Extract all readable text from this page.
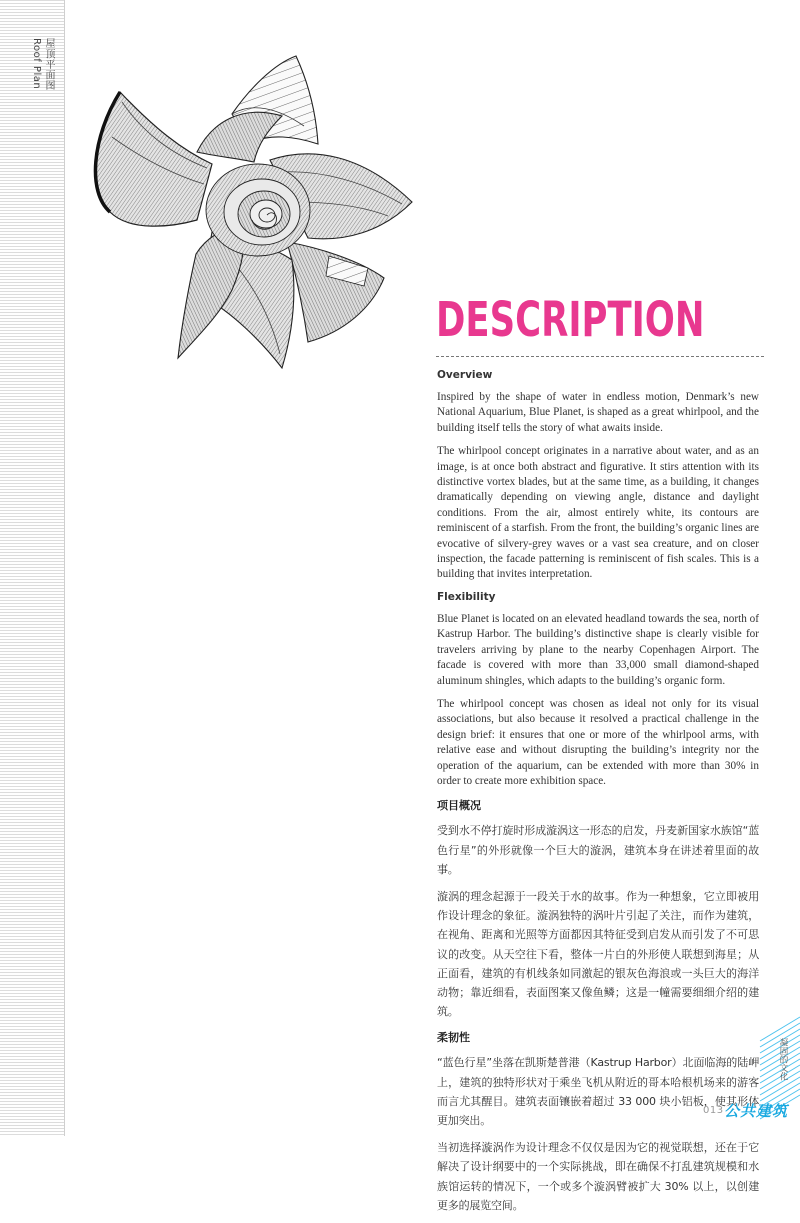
屋顶平面图
Roof Plan
DESCRIPTION
Overview

Inspired by the shape of water in endless motion, Denmark’s new National Aquarium, Blue Planet, is shaped as a great whirlpool, and the building itself tells the story of what awaits inside.

The whirlpool concept originates in a narrative about water, and as an image, is at once both abstract and figurative. It stirs attention with its distinctive vortex blades, but at the same time, as a building, it changes dramatically depending on viewing angle, distance and daylight conditions. From the air, almost entirely white, its contours are reminiscent of a starfish. From the front, the building’s organic lines are evocative of silvery-grey waves or a vast sea creature, and on closer inspection, the facade patterning is reminiscent of fish scales. This is a building that invites interpretation.

Flexibility

Blue Planet is located on an elevated headland towards the sea, north of Kastrup Harbor. The building’s distinctive shape is clearly visible for travelers arriving by plane to the nearby Copenhagen Airport. The facade is covered with more than 33,000 small diamond-shaped aluminum shingles, which adapts to the building’s organic form.

The whirlpool concept was chosen as ideal not only for its visual associations, but also because it resolved a practical challenge in the design brief: it ensures that one or more of the whirlpool arms, with relative ease and without disrupting the building’s integrity nor the operation of the aquarium, can be extended with more than 30% in order to create more exhibition space.

项目概况

受到水不停打旋时形成漩涡这一形态的启发，丹麦新国家水族馆“蓝色行星”的外形就像一个巨大的漩涡，建筑本身在讲述着里面的故事。

漩涡的理念起源于一段关于水的故事。作为一种想象，它立即被用作设计理念的象征。漩涡独特的涡叶片引起了关注，而作为建筑，在视角、距离和光照等方面都因其特征受到启发从而引发了不可思议的改变。从天空往下看，整体一片白的外形使人联想到海星；从正面看，建筑的有机线条如同激起的银灰色海浪或一头巨大的海洋动物；靠近细看，表面图案又像鱼鳞；这是一幢需要细细介绍的建筑。

柔韧性

“蓝色行星”坐落在凯斯楚普港（Kastrup Harbor）北面临海的陆岬上，建筑的独特形状对于乘坐飞机从附近的哥本哈根机场来的游客而言尤其醒目。建筑表面镶嵌着超过 33 000 块小铝板，使其形体更加突出。

当初选择漩涡作为设计理念不仅仅是因为它的视觉联想，还在于它解决了设计纲要中的一个实际挑战，即在确保不打乱建筑规模和水族馆运转的情况下，一个或多个漩涡臂被扩大 30% 以上，以创建更多的展览空间。

凝固的文化
013 公共建筑
